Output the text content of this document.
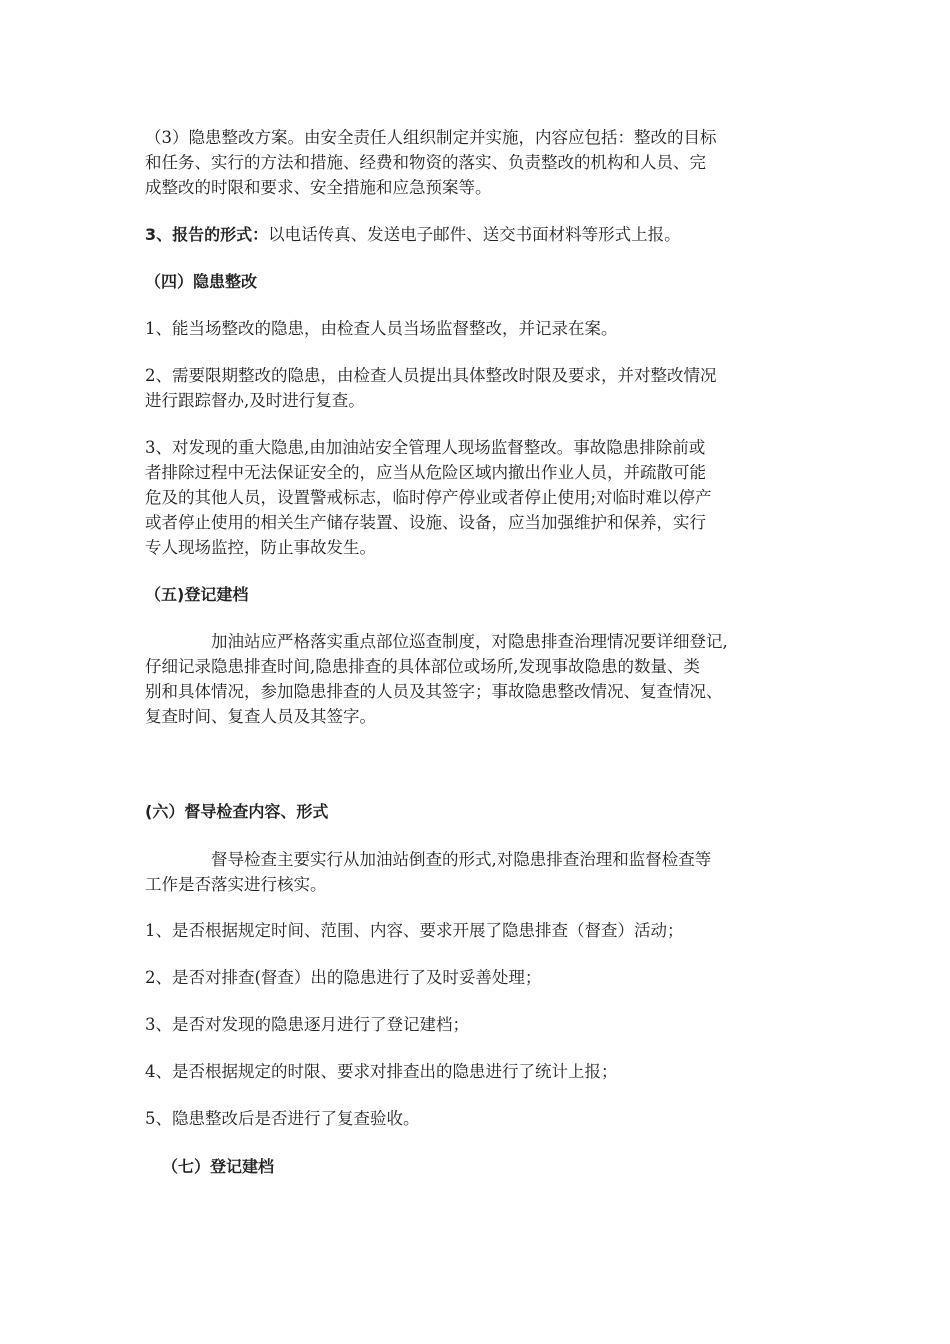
（3）隐患整改方案。由安全责任人组织制定并实施，内容应包括：整改的目标
和任务、实行的方法和措施、经费和物资的落实、负责整改的机构和人员、完
成整改的时限和要求、安全措施和应急预案等。
3、报告的形式：以电话传真、发送电子邮件、送交书面材料等形式上报。
（四）隐患整改
1、能当场整改的隐患，由检查人员当场监督整改，并记录在案。
2、需要限期整改的隐患，由检查人员提出具体整改时限及要求，并对整改情况
进行跟踪督办,及时进行复查。
3、对发现的重大隐患,由加油站安全管理人现场监督整改。事故隐患排除前或
者排除过程中无法保证安全的，应当从危险区域内撤出作业人员，并疏散可能
危及的其他人员，设置警戒标志，临时停产停业或者停止使用;对临时难以停产
或者停止使用的相关生产储存装置、设施、设备，应当加强维护和保养，实行
专人现场监控，防止事故发生。
（五)登记建档
加油站应严格落实重点部位巡查制度，对隐患排查治理情况要详细登记,
仔细记录隐患排查时间,隐患排查的具体部位或场所,发现事故隐患的数量、类
别和具体情况，参加隐患排查的人员及其签字；事故隐患整改情况、复查情况、
复查时间、复查人员及其签字。
(六）督导检查内容、形式
督导检查主要实行从加油站倒查的形式,对隐患排查治理和监督检查等
工作是否落实进行核实。
1、是否根据规定时间、范围、内容、要求开展了隐患排查（督查）活动；
2、是否对排查(督查）出的隐患进行了及时妥善处理；
3、是否对发现的隐患逐月进行了登记建档；
4、是否根据规定的时限、要求对排查出的隐患进行了统计上报；
5、隐患整改后是否进行了复查验收。
（七）登记建档
